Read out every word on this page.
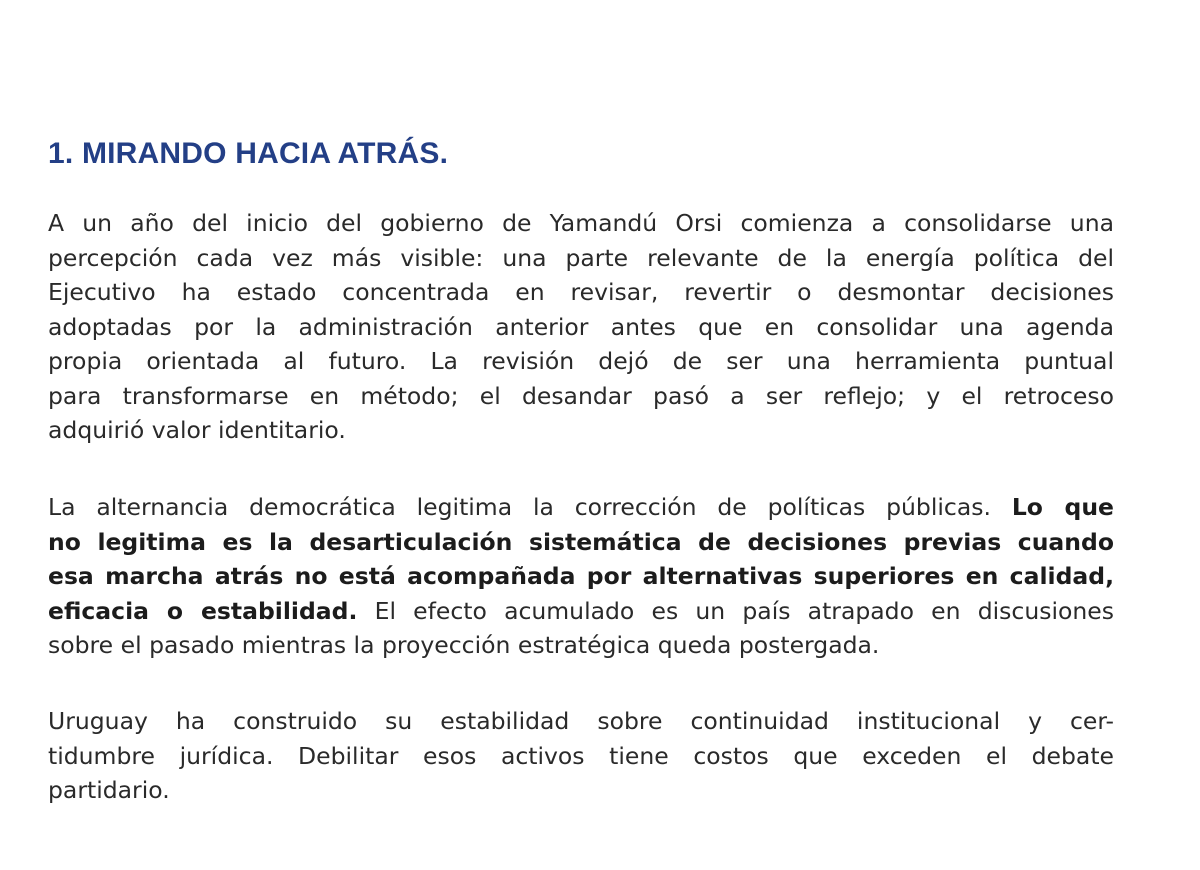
1. MIRANDO HACIA ATRÁS.
A un año del inicio del gobierno de Yamandú Orsi comienza a consolidarse una
percepción cada vez más visible: una parte relevante de la energía política del
Ejecutivo ha estado concentrada en revisar, revertir o desmontar decisiones
adoptadas por la administración anterior antes que en consolidar una agenda
propia orientada al futuro. La revisión dejó de ser una herramienta puntual
para transformarse en método; el desandar pasó a ser reflejo; y el retroceso
adquirió valor identitario.
La alternancia democrática legitima la corrección de políticas públicas. Lo que
no legitima es la desarticulación sistemática de decisiones previas cuando
esa marcha atrás no está acompañada por alternativas superiores en calidad,
eficacia o estabilidad. El efecto acumulado es un país atrapado en discusiones
sobre el pasado mientras la proyección estratégica queda postergada.
Uruguay ha construido su estabilidad sobre continuidad institucional y cer-
tidumbre jurídica. Debilitar esos activos tiene costos que exceden el debate
partidario.
